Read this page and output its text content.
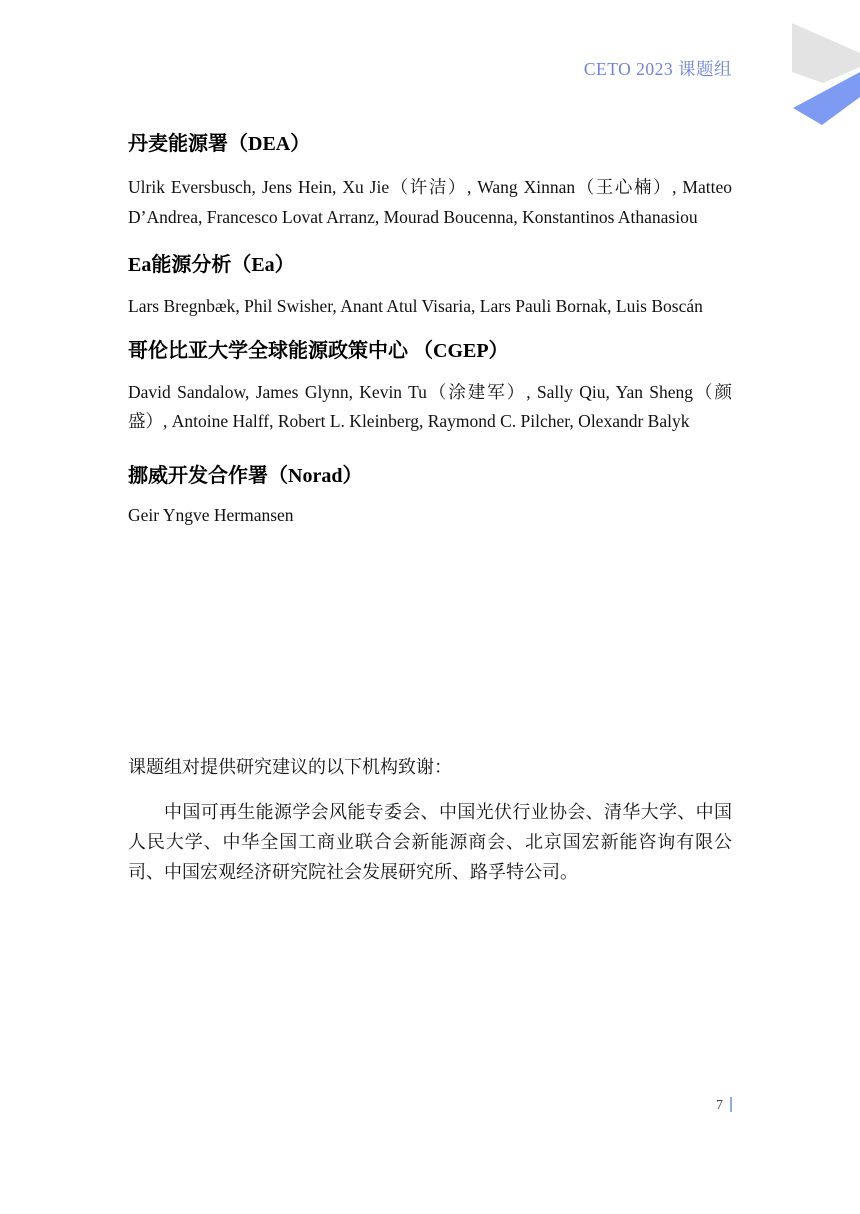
CETO 2023 课题组
丹麦能源署（DEA）

Ulrik Eversbusch, Jens Hein, Xu Jie（许洁）, Wang Xinnan（王心楠）, Matteo D’Andrea, Francesco Lovat Arranz, Mourad Boucenna, Konstantinos Athanasiou

Ea能源分析（Ea）

Lars Bregnbæk, Phil Swisher, Anant Atul Visaria, Lars Pauli Bornak, Luis Boscán

哥伦比亚大学全球能源政策中心 （CGEP）

David Sandalow, James Glynn, Kevin Tu（涂建军）, Sally Qiu, Yan Sheng（颜盛）, Antoine Halff, Robert L. Kleinberg, Raymond C. Pilcher, Olexandr Balyk

挪威开发合作署（Norad）

Geir Yngve Hermansen

课题组对提供研究建议的以下机构致谢：

中国可再生能源学会风能专委会、中国光伏行业协会、清华大学、中国人民大学、中华全国工商业联合会新能源商会、北京国宏新能咨询有限公司、中国宏观经济研究院社会发展研究所、路孚特公司。

7
